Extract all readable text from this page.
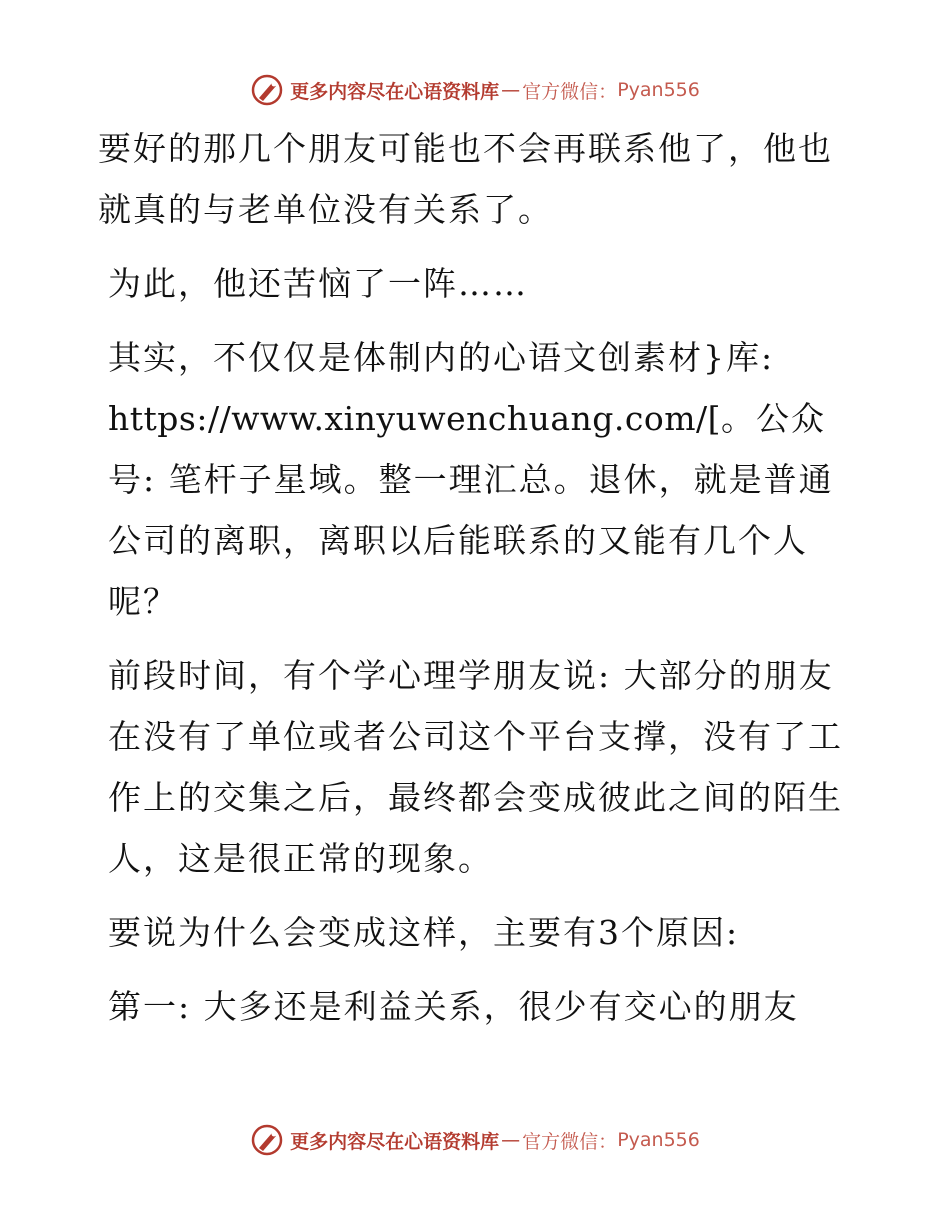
更多内容尽在心语资料库 — 官方微信： Pyan556

要好的那几个朋友可能也不会再联系他了，他也就真的与老单位没有关系了。

为此，他还苦恼了一阵……

其实，不仅仅是体制内的心语文创素材}库:
https://www.xinyuwenchuang.com/[。公众号: 笔杆子星域。整一理汇总。退休，就是普通公司的离职，离职以后能联系的又能有几个人呢？

前段时间，有个学心理学朋友说: 大部分的朋友在没有了单位或者公司这个平台支撑，没有了工作上的交集之后，最终都会变成彼此之间的陌生人，这是很正常的现象。

要说为什么会变成这样，主要有3个原因:

第一: 大多还是利益关系，很少有交心的朋友

更多内容尽在心语资料库 — 官方微信： Pyan556
